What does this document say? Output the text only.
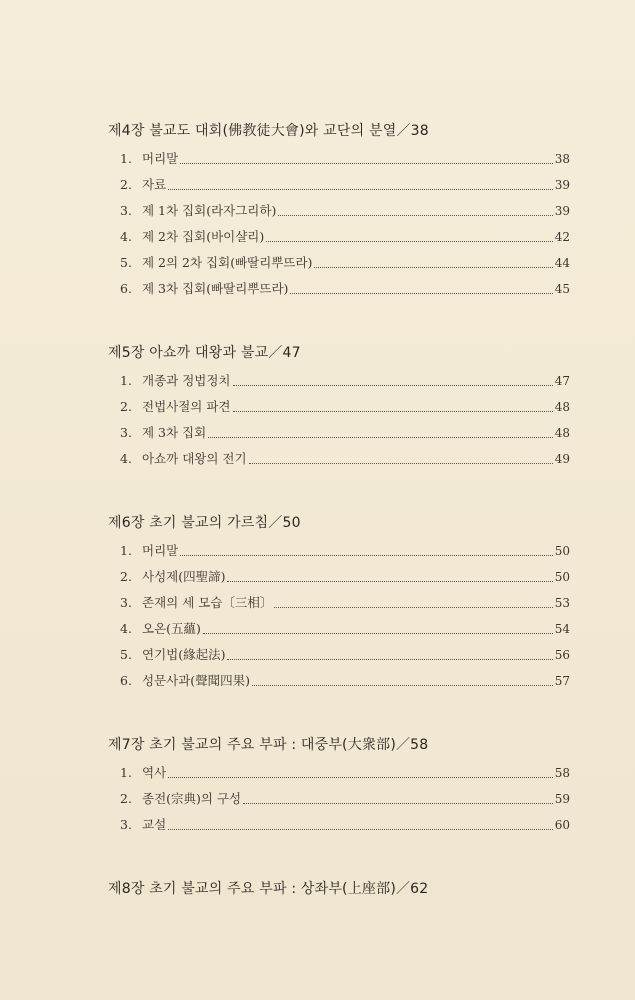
제4장 불교도 대회(佛教徒大會)와 교단의 분열／38
1. 머리말	38
2. 자료	39
3. 제 1차 집회(라자그리하)	39
4. 제 2차 집회(바이샬리)	42
5. 제 2의 2차 집회(빠딸리뿌뜨라)	44
6. 제 3차 집회(빠딸리뿌뜨라)	45
제5장 아쇼까 대왕과 불교／47
1. 개종과 정법정치	47
2. 전법사절의 파견	48
3. 제 3차 집회	48
4. 아쇼까 대왕의 전기	49
제6장 초기 불교의 가르침／50
1. 머리말	50
2. 사성제(四聖諦)	50
3. 존재의 세 모습〔三相〕	53
4. 오온(五蘊)	54
5. 연기법(緣起法)	56
6. 성문사과(聲聞四果)	57
제7장 초기 불교의 주요 부파 : 대중부(大衆部)／58
1. 역사	58
2. 종전(宗典)의 구성	59
3. 교설	60
제8장 초기 불교의 주요 부파 : 상좌부(上座部)／62
